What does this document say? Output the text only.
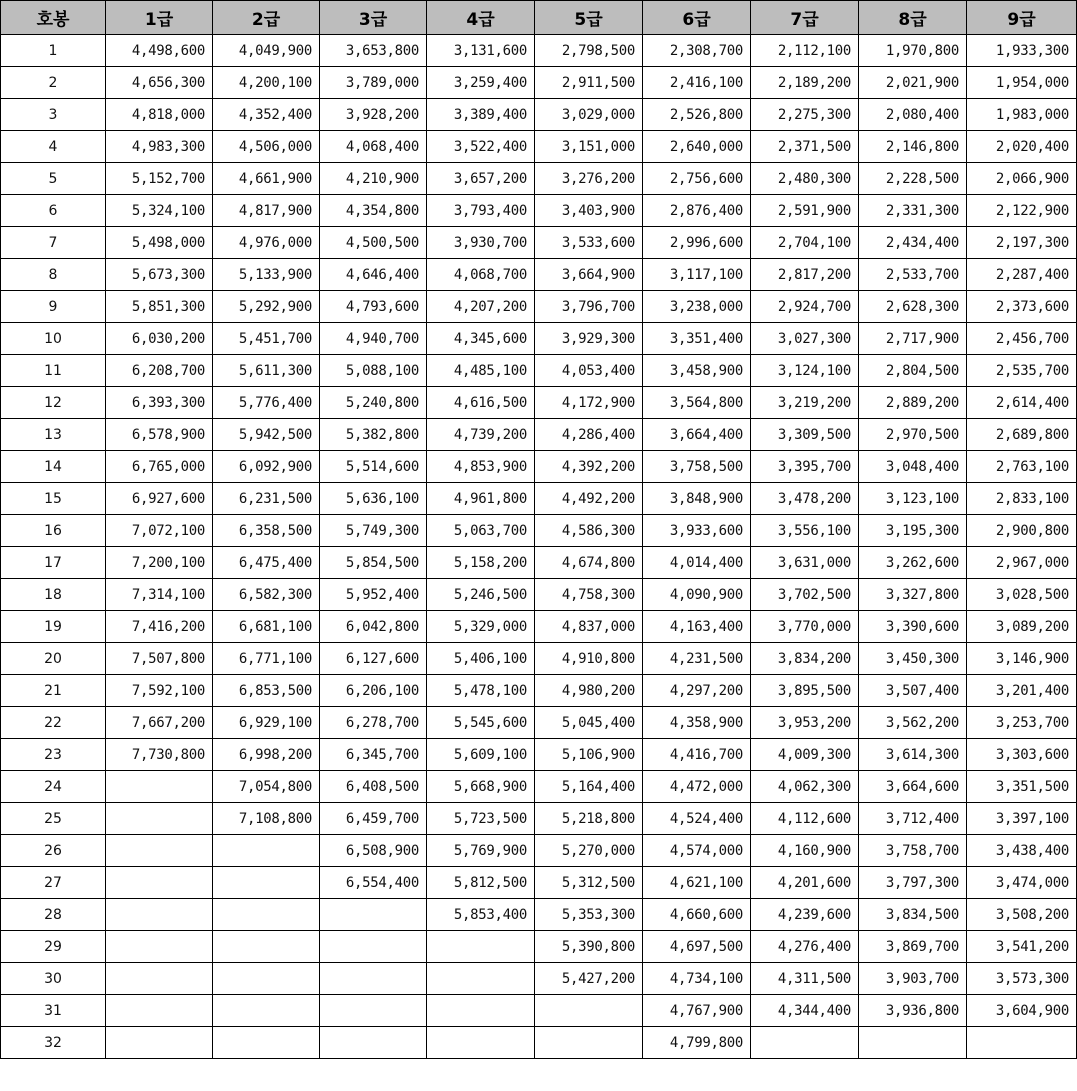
호봉	1급	2급	3급	4급	5급	6급	7급	8급	9급
1	4,498,600	4,049,900	3,653,800	3,131,600	2,798,500	2,308,700	2,112,100	1,970,800	1,933,300
2	4,656,300	4,200,100	3,789,000	3,259,400	2,911,500	2,416,100	2,189,200	2,021,900	1,954,000
3	4,818,000	4,352,400	3,928,200	3,389,400	3,029,000	2,526,800	2,275,300	2,080,400	1,983,000
4	4,983,300	4,506,000	4,068,400	3,522,400	3,151,000	2,640,000	2,371,500	2,146,800	2,020,400
5	5,152,700	4,661,900	4,210,900	3,657,200	3,276,200	2,756,600	2,480,300	2,228,500	2,066,900
6	5,324,100	4,817,900	4,354,800	3,793,400	3,403,900	2,876,400	2,591,900	2,331,300	2,122,900
7	5,498,000	4,976,000	4,500,500	3,930,700	3,533,600	2,996,600	2,704,100	2,434,400	2,197,300
8	5,673,300	5,133,900	4,646,400	4,068,700	3,664,900	3,117,100	2,817,200	2,533,700	2,287,400
9	5,851,300	5,292,900	4,793,600	4,207,200	3,796,700	3,238,000	2,924,700	2,628,300	2,373,600
10	6,030,200	5,451,700	4,940,700	4,345,600	3,929,300	3,351,400	3,027,300	2,717,900	2,456,700
11	6,208,700	5,611,300	5,088,100	4,485,100	4,053,400	3,458,900	3,124,100	2,804,500	2,535,700
12	6,393,300	5,776,400	5,240,800	4,616,500	4,172,900	3,564,800	3,219,200	2,889,200	2,614,400
13	6,578,900	5,942,500	5,382,800	4,739,200	4,286,400	3,664,400	3,309,500	2,970,500	2,689,800
14	6,765,000	6,092,900	5,514,600	4,853,900	4,392,200	3,758,500	3,395,700	3,048,400	2,763,100
15	6,927,600	6,231,500	5,636,100	4,961,800	4,492,200	3,848,900	3,478,200	3,123,100	2,833,100
16	7,072,100	6,358,500	5,749,300	5,063,700	4,586,300	3,933,600	3,556,100	3,195,300	2,900,800
17	7,200,100	6,475,400	5,854,500	5,158,200	4,674,800	4,014,400	3,631,000	3,262,600	2,967,000
18	7,314,100	6,582,300	5,952,400	5,246,500	4,758,300	4,090,900	3,702,500	3,327,800	3,028,500
19	7,416,200	6,681,100	6,042,800	5,329,000	4,837,000	4,163,400	3,770,000	3,390,600	3,089,200
20	7,507,800	6,771,100	6,127,600	5,406,100	4,910,800	4,231,500	3,834,200	3,450,300	3,146,900
21	7,592,100	6,853,500	6,206,100	5,478,100	4,980,200	4,297,200	3,895,500	3,507,400	3,201,400
22	7,667,200	6,929,100	6,278,700	5,545,600	5,045,400	4,358,900	3,953,200	3,562,200	3,253,700
23	7,730,800	6,998,200	6,345,700	5,609,100	5,106,900	4,416,700	4,009,300	3,614,300	3,303,600
24		7,054,800	6,408,500	5,668,900	5,164,400	4,472,000	4,062,300	3,664,600	3,351,500
25		7,108,800	6,459,700	5,723,500	5,218,800	4,524,400	4,112,600	3,712,400	3,397,100
26			6,508,900	5,769,900	5,270,000	4,574,000	4,160,900	3,758,700	3,438,400
27			6,554,400	5,812,500	5,312,500	4,621,100	4,201,600	3,797,300	3,474,000
28				5,853,400	5,353,300	4,660,600	4,239,600	3,834,500	3,508,200
29					5,390,800	4,697,500	4,276,400	3,869,700	3,541,200
30					5,427,200	4,734,100	4,311,500	3,903,700	3,573,300
31						4,767,900	4,344,400	3,936,800	3,604,900
32						4,799,800			
